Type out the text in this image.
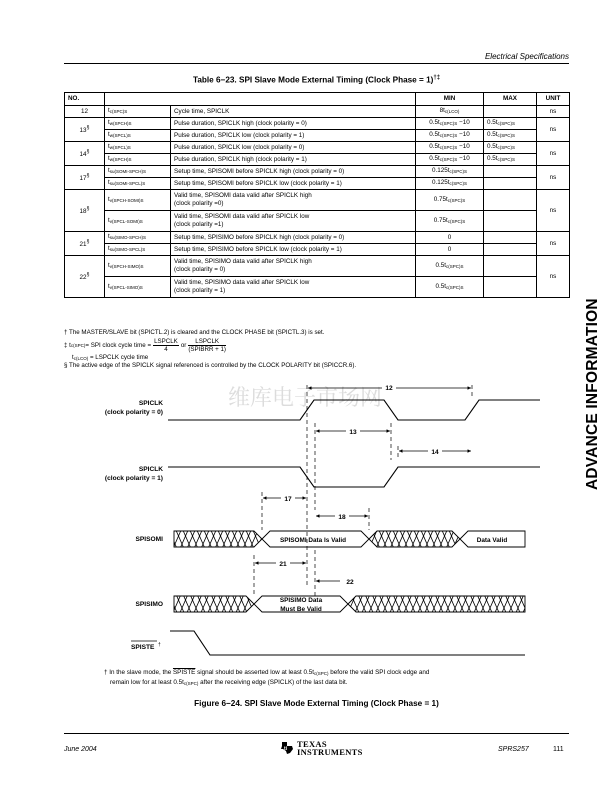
Electrical Specifications
Table 6−23. SPI Slave Mode External Timing (Clock Phase = 1)†‡
NO.			MIN	MAX	UNIT
12	$t_{c(SPC)S}$	Cycle time, SPICLK	$8t_{c(LCO)}$		ns
13§	$t_{w(SPCH)S}$	Pulse duration, SPICLK high (clock polarity = 0)	$0.5t_{c(SPC)S} -10$	$0.5t_{c(SPC)S}$	ns
	$t_{w(SPCL)S}$	Pulse duration, SPICLK low (clock polarity = 1)	$0.5t_{c(SPC)S} -10$	$0.5t_{c(SPC)S}$
14§	$t_{w(SPCL)S}$	Pulse duration, SPICLK low (clock polarity = 0)	$0.5t_{c(SPC)S} -10$	$0.5t_{c(SPC)S}$	ns
	$t_{w(SPCH)S}$	Pulse duration, SPICLK high (clock polarity = 1)	$0.5t_{c(SPC)S} -10$	$0.5t_{c(SPC)S}$
17§	$t_{su(SOMI-SPCH)S}$	Setup time, SPISOMI before SPICLK high (clock polarity = 0)	$0.125t_{c(SPC)S}$		ns
	$t_{su(SOMI-SPCL)S}$	Setup time, SPISOMI before SPICLK low (clock polarity = 1)	$0.125t_{c(SPC)S}$	
18§	$t_{v(SPCH-SOMI)S}$	Valid time, SPISOMI data valid after SPICLK high
(clock polarity =0)	$0.75t_{c(SPC)S}$		ns
	$t_{v(SPCL-SOMI)S}$	Valid time, SPISOMI data valid after SPICLK low
(clock polarity =1)	$0.75t_{c(SPC)S}$	
21§	$t_{su(SIMO-SPCH)S}$	Setup time, SPISIMO before SPICLK high (clock polarity = 0)	0		ns
	$t_{su(SIMO-SPCL)S}$	Setup time, SPISIMO before SPICLK low (clock polarity = 1)	0		
22§	$t_{v(SPCH-SIMO)S}$	Valid time, SPISIMO data valid after SPICLK high
(clock polarity = 0)	$0.5t_{c(SPC)S}$		ns
	$t_{v(SPCL-SIMO)S}$	Valid time, SPISIMO data valid after SPICLK low
(clock polarity = 1)	$0.5t_{c(SPC)S}$	
† The MASTER/SLAVE bit (SPICTL.2) is cleared and the CLOCK PHASE bit (SPICTL.3) is set.
‡ t c(SPC) = SPI clock cycle time = $\frac{\text{LSPCLK}}{4}$ or $\frac{\text{LSPCLK}}{\text{(SPIBRR + 1)}}$
$t_{c(LCO)}$ = LSPCLK cycle time
§ The active edge of the SPICLK signal referenced is controlled by the CLOCK POLARITY bit (SPICCR.6).	ADVANCE INFORMATION
维库电子市场网
SPICLK
(clock polarity = 0)
SPICLK
(clock polarity = 1)
SPISOMI
SPISIMO
SPISTE †
SPISOMI Data Is Valid	Data Valid
SPISIMO Data
Must Be Valid
12
13
14
17
18
21
22
† In the slave mode, the SPISTE signal should be asserted low at least $0.5t_{c(SPC)}$ before the valid SPI clock edge and
remain low for at least $0.5t_{c(SPC)}$ after the receiving edge (SPICLK) of the last data bit.
Figure 6−24. SPI Slave Mode External Timing (Clock Phase = 1)
June 2004	ti TEXAS
INSTRUMENTS	SPRS257	111
